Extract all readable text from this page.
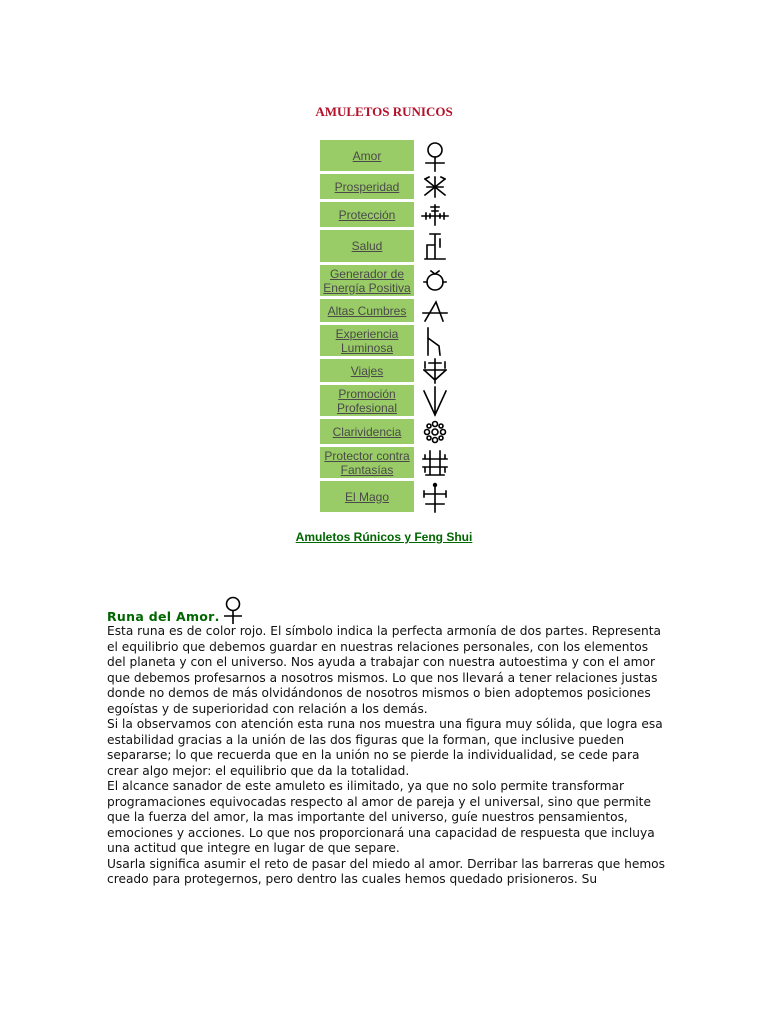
AMULETOS RUNICOS
Amor
Prosperidad
Protección
Salud
Generador de Energía Positiva
Altas Cumbres
Experiencia Luminosa
Viajes
Promoción Profesional
Clarividencia
Protector contra Fantasías
El Mago
Amuletos Rúnicos y Feng Shui
Runa del Amor .

Esta runa es de color rojo. El símbolo indica la perfecta armonía de dos partes. Representa el equilibrio que debemos guardar en nuestras relaciones personales, con los elementos del planeta y con el universo. Nos ayuda a trabajar con nuestra autoestima y con el amor que debemos profesarnos a nosotros mismos. Lo que nos llevará a tener relaciones justas donde no demos de más olvidándonos de nosotros mismos o bien adoptemos posiciones egoístas y de superioridad con relación a los demás.

Si la observamos con atención esta runa nos muestra una figura muy sólida, que logra esa estabilidad gracias a la unión de las dos figuras que la forman, que inclusive pueden separarse; lo que recuerda que en la unión no se pierde la individualidad, se cede para crear algo mejor: el equilibrio que da la totalidad.

El alcance sanador de este amuleto es ilimitado, ya que no solo permite transformar programaciones equivocadas respecto al amor de pareja y el universal, sino que permite que la fuerza del amor, la mas importante del universo, guíe nuestros pensamientos, emociones y acciones. Lo que nos proporcionará una capacidad de respuesta que incluya una actitud que integre en lugar de que separe.

Usarla significa asumir el reto de pasar del miedo al amor. Derribar las barreras que hemos creado para protegernos, pero dentro las cuales hemos quedado prisioneros. Su
